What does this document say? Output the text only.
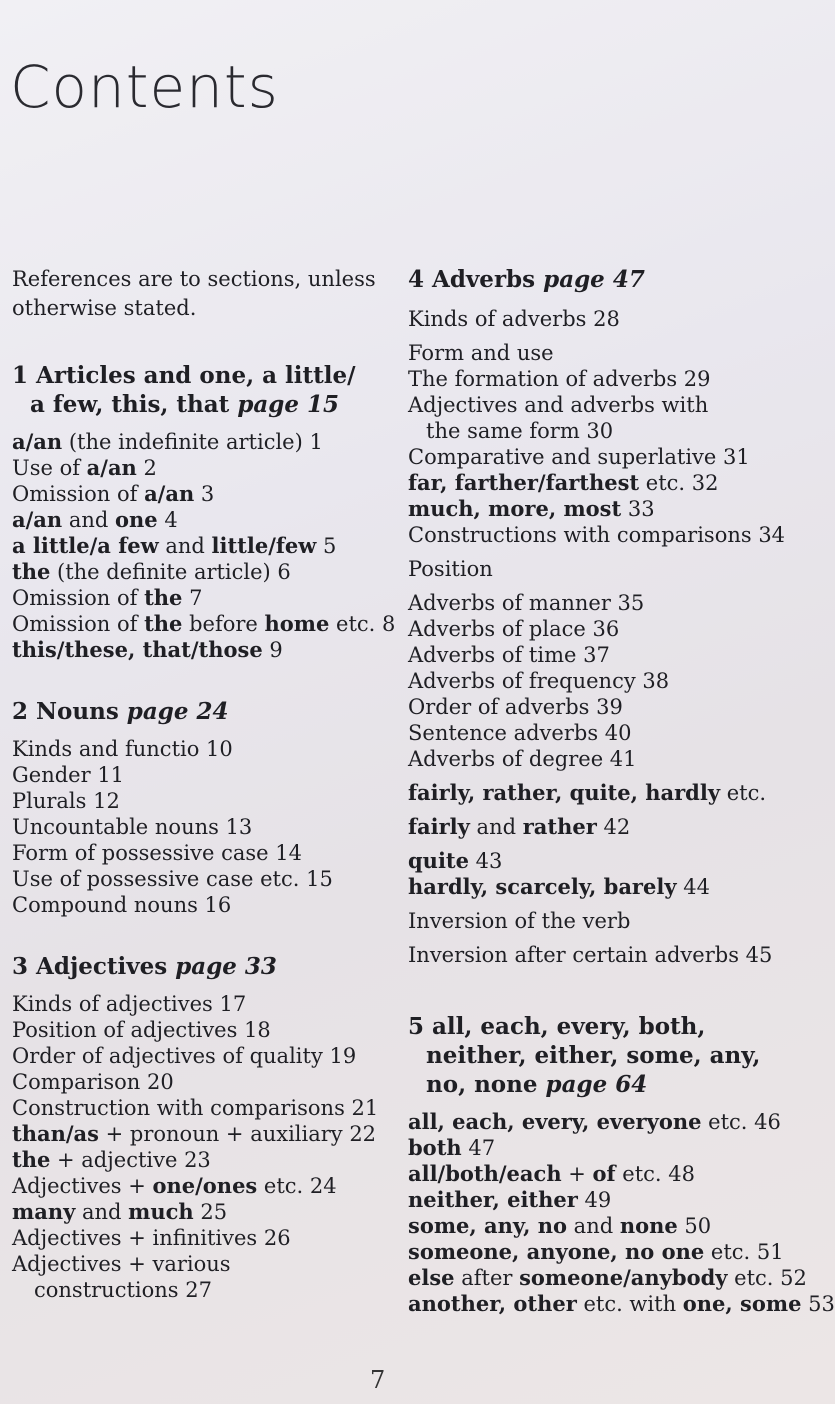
Contents

References are to sections, unless otherwise stated.

1 Articles and one, a little/
a few, this, that page 15
a/an (the indefinite article) 1
Use of a/an 2
Omission of a/an 3
a/an and one 4
a little/a few and little/few 5
the (the definite article) 6
Omission of the 7
Omission of the before home etc. 8
this/these, that/those 9
2 Nouns page 24
Kinds and functio 10
Gender 11
Plurals 12
Uncountable nouns 13
Form of possessive case 14
Use of possessive case etc. 15
Compound nouns 16
3 Adjectives page 33
Kinds of adjectives 17
Position of adjectives 18
Order of adjectives of quality 19
Comparison 20
Construction with comparisons 21
than/as + pronoun + auxiliary 22
the + adjective 23
Adjectives + one/ones etc. 24
many and much 25
Adjectives + infinitives 26
Adjectives + various
constructions 27
4 Adverbs page 47
Kinds of adverbs 28
Form and use
The formation of adverbs 29
Adjectives and adverbs with
the same form 30
Comparative and superlative 31
far, farther/farthest etc. 32
much, more, most 33
Constructions with comparisons 34
Position
Adverbs of manner 35
Adverbs of place 36
Adverbs of time 37
Adverbs of frequency 38
Order of adverbs 39
Sentence adverbs 40
Adverbs of degree 41
fairly, rather, quite, hardly etc.
fairly and rather 42
quite 43
hardly, scarcely, barely 44
Inversion of the verb
Inversion after certain adverbs 45
5 all, each, every, both,
neither, either, some, any,
no, none page 64
all, each, every, everyone etc. 46
both 47
all/both/each + of etc. 48
neither, either 49
some, any, no and none 50
someone, anyone, no one etc. 51
else after someone/anybody etc. 52
another, other etc. with one, some 53
7
